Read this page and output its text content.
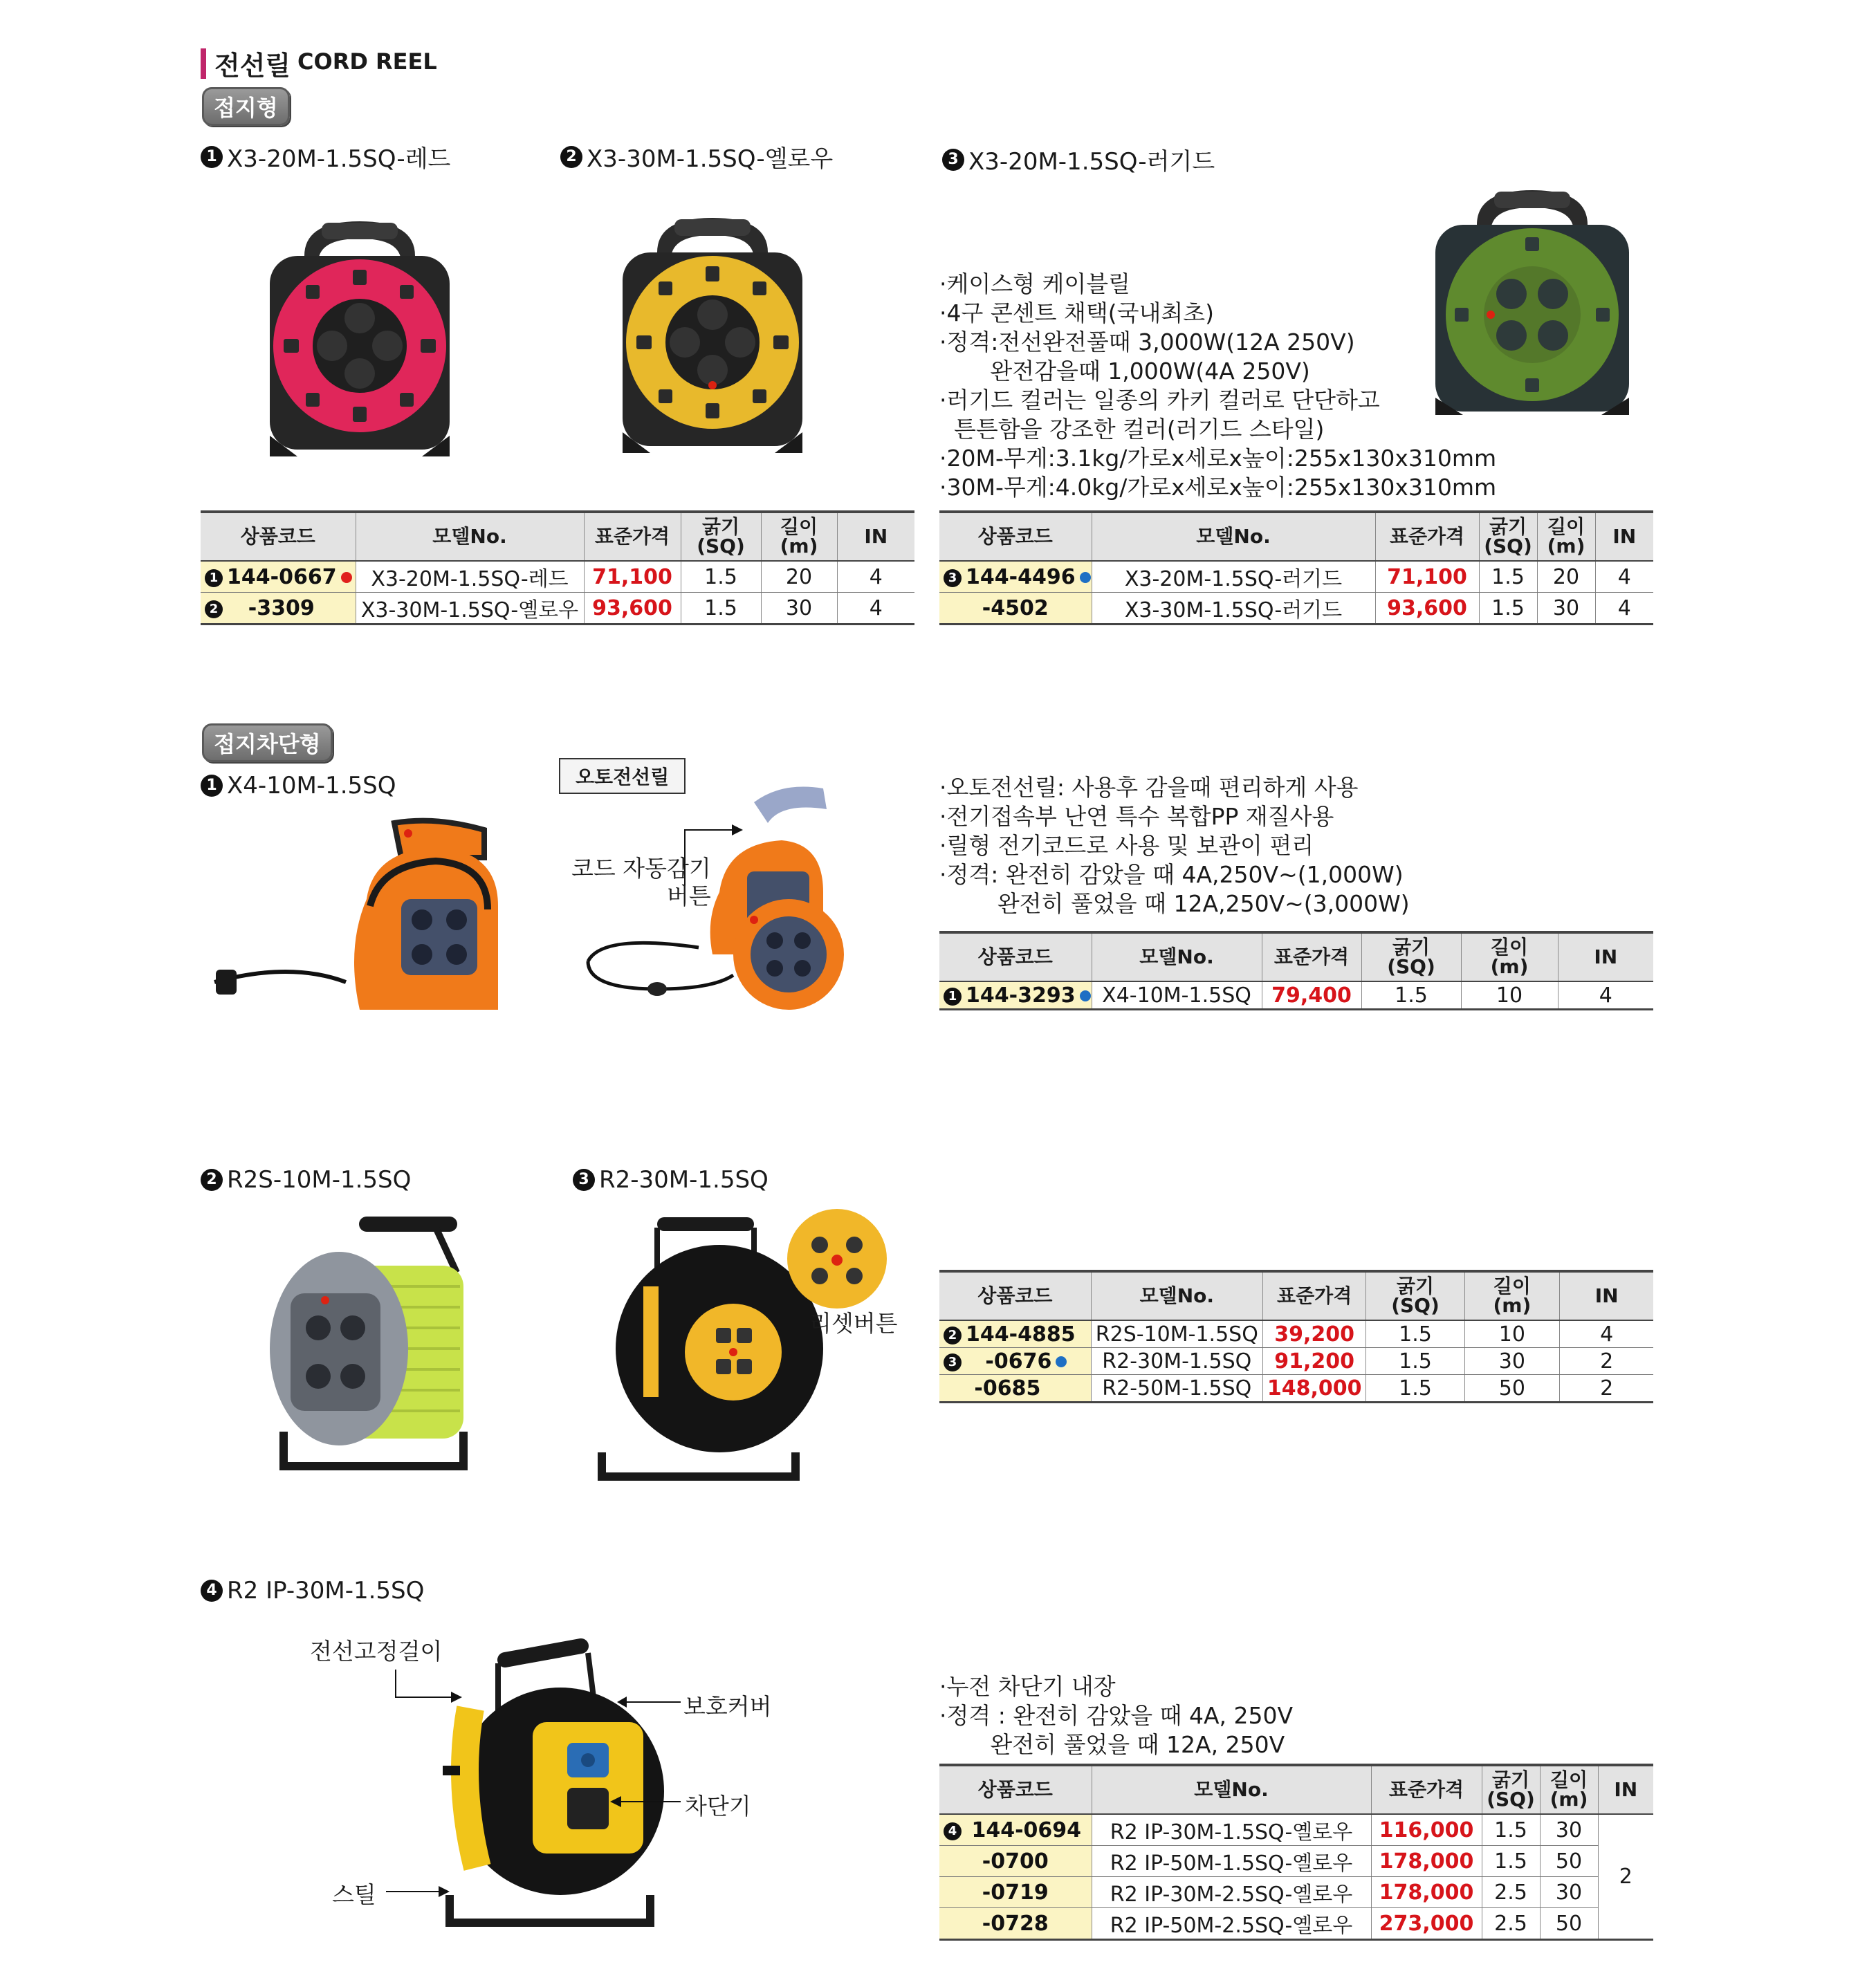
전선릴 CORD REEL
접지형
1 X3-20M-1.5SQ-레드	2 X3-30M-1.5SQ-옐로우	3 X3-20M-1.5SQ-러기드
·케이스형 케이블릴
·4구 콘센트 채택(국내최초)
·정격:전선완전풀때 3,000W(12A 250V)
완전감을때 1,000W(4A 250V)
·러기드 컬러는 일종의 카키 컬러로 단단하고
튼튼함을 강조한 컬러(러기드 스타일)
·20M-무게:3.1kg/가로x세로x높이:255x130x310mm
·30M-무게:4.0kg/가로x세로x높이:255x130x310mm
상품코드	모델No.	표준가격	굵기
(SQ)	길이
(m)	IN

1 144-0667	X3-20M-1.5SQ-레드	71,100	1.5	20	4

2 -3309	X3-30M-1.5SQ-옐로우	93,600	1.5	30	4
상품코드	모델No.	표준가격	굵기
(SQ)	길이
(m)	IN

3 144-4496	X3-20M-1.5SQ-러기드	71,100	1.5	20	4
-4502	X3-30M-1.5SQ-러기드	93,600	1.5	30	4
접지차단형
1 X4-10M-1.5SQ	오토전선릴
코드 자동감기
버튼
·오토전선릴: 사용후 감을때 편리하게 사용
·전기접속부 난연 특수 복합PP 재질사용
·릴형 전기코드로 사용 및 보관이 편리
·정격: 완전히 감았을 때 4A,250V~(1,000W)
완전히 풀었을 때 12A,250V~(3,000W)
상품코드	모델No.	표준가격	굵기
(SQ)	길이
(m)	IN

1 144-3293	X4-10M-1.5SQ	79,400	1.5	10	4
2 R2S-10M-1.5SQ	3 R2-30M-1.5SQ
리셋버튼
상품코드	모델No.	표준가격	굵기
(SQ)	길이
(m)	IN

2 144-4885	R2S-10M-1.5SQ	39,200	1.5	10	4

3 -0676	R2-30M-1.5SQ	91,200	1.5	30	2
-0685	R2-50M-1.5SQ	148,000	1.5	50	2
4 R2 IP-30M-1.5SQ
전선고정걸이
보호커버
차단기
스틸
·누전 차단기 내장
·정격 : 완전히 감았을 때 4A, 250V
완전히 풀었을 때 12A, 250V
상품코드	모델No.	표준가격	굵기
(SQ)	길이
(m)	IN

4 144-0694	R2 IP-30M-1.5SQ-옐로우	116,000	1.5	30	2
-0700	R2 IP-50M-1.5SQ-옐로우	178,000	1.5	50	
-0719	R2 IP-30M-2.5SQ-옐로우	178,000	2.5	30	
-0728	R2 IP-50M-2.5SQ-옐로우	273,000	2.5	50	
